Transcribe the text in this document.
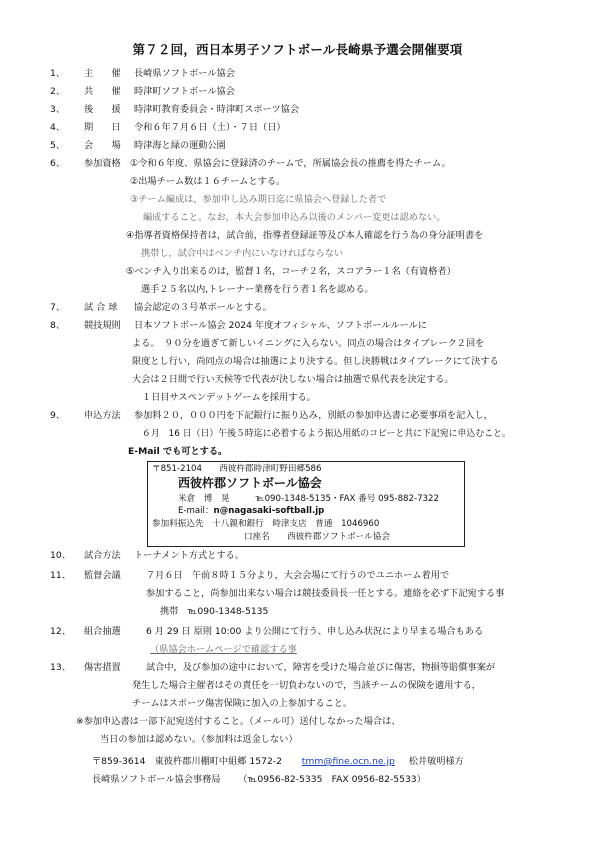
第７２回，西日本男子ソフトボール長崎県予選会開催要項
1、	主　　催	長崎県ソフトボール協会
2、	共　　催	時津町ソフトボール協会
3、	後　　援	時津町教育委員会・時津町スポーツ協会
4、	期　　日	令和６年７月６日（土）・７日（日）
5、	会　　場	時津海と緑の運動公園
6、	参加資格	①令和６年度、県協会に登録済のチームで，所属協会長の推薦を得たチーム。
②出場チーム数は１６チームとする。
③チーム編成は，参加申し込み期日迄に県協会へ登録した者で
編成すること。なお，本大会参加申込み以後のメンバー変更は認めない。
④指導者資格保持者は，試合前，指導者登録証等及び本人確認を行う為の身分証明書を
携帯し，試合中はベンチ内にいなければならない
⑤ベンチ入り出来るのは，監督１名，コーチ２名，スコアラー１名（有資格者）
選手２５名以内,トレーナー業務を行う者１名を認める。
7、	試 合 球	協会認定の３号革ボールとする。
8、	競技規則	日本ソフトボール協会 2024 年度オフィシャル、ソフトボールルールに
よる。　９０分を過ぎて新しいイニングに入らない。同点の場合はタイブレーク２回を
限度とし行い，尚同点の場合は抽選により決する。但し決勝戦はタイブレークにて決する
大会は２日間で行い天候等で代表が決しない場合は抽選で県代表を決定する。
１日目サスペンデットゲームを採用する。
9、	申込方法	参加料２０，０００円を下記銀行に振り込み，別紙の参加申込書に必要事項を記入し，
６月　16 日（日）午後５時迄に必着するよう振込用紙のコピーと共に下記宛に申込むこと。
E-Mail でも可とする。
〒851-2104　　西彼杵郡時津町野田郷586
西彼杵郡ソフトボール協会
米倉　博　晃　　　℡090-1348-5135・FAX 番号 095-882-7322
E-mail：n@nagasaki-softball.jp
参加料振込先　十八親和銀行　時津支店　普通　1046960
口座名　　西彼杵郡ソフトボール協会
10、	試合方法	トーナメント方式とする。
11、	監督会議	７月６日　午前８時１５分より，大会会場にて行うのでユニホーム着用で
参加すること，尚参加出来ない場合は競技委員長一任とする。連絡を必ず下記宛する事
携帯　℡090-1348-5135
12、	組合抽選	6 月 29 日 原則 10:00 より公開にて行う、申し込み状況により早まる場合もある
（県協会ホームページで確認する事
13、	傷害措置	試合中，及び参加の途中において，障害を受けた場合並びに傷害，物損等賠償事案が
発生した場合主催者はその責任を一切負わないので，当該チームの保険を適用する，
チームはスポーツ傷害保険に加入の上参加すること。
※参加申込書は一部下記宛送付すること。（メール可）送付しなかった場合は、
当日の参加は認めない。（参加料は返金しない）
〒859-3614　東彼杵郡川棚町中組郷 1572-2 tmm@fine.ocn.ne.jp 松井敏明様方
長崎県ソフトボール協会事務局 （℡0956-82-5335　FAX 0956-82-5533）
